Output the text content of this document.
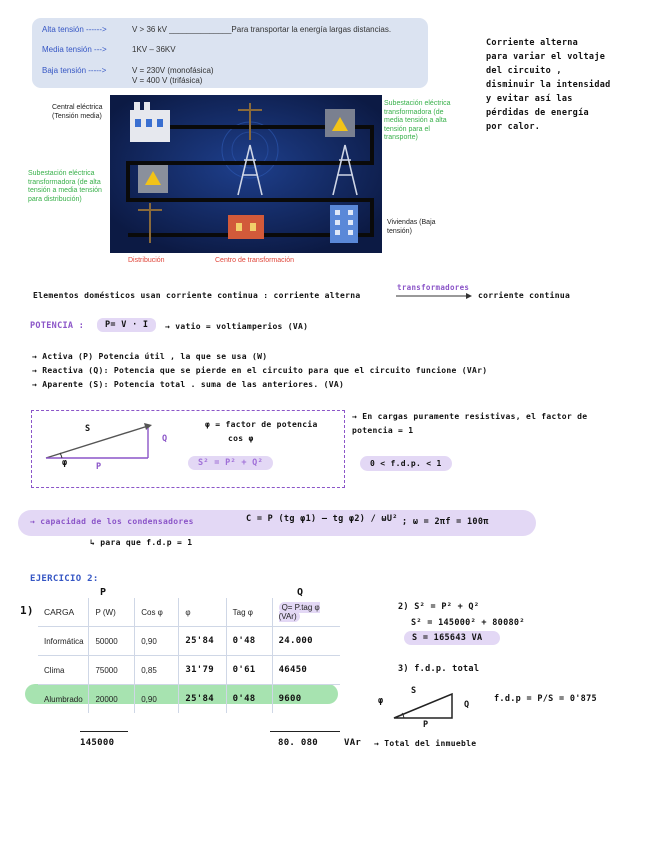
Alta tensión ------>	V > 36 kV ______________Para transportar la energía largas distancias.
Media tensión --->	1KV – 36KV
Baja tensión ----->	V = 230V (monofásica)
V = 400 V (trifásica)
Corriente alterna
para variar el voltaje
del circuito ,
disminuir la intensidad
y evitar así las
pérdidas de energía
por calor.
Central eléctrica (Tensión media)
Subestación eléctrica transformadora (de media tensión a alta tensión para el transporte)
Subestación eléctrica transformadora (de alta tensión a media tensión para distribución)
Viviendas (Baja tensión)
Distribución	Centro de transformación
Elementos domésticos usan corriente continua : corriente alterna
transformadores
corriente continua
POTENCIA :	P= V · I	→ vatio = voltiamperios (VA)
→ Activa (P) Potencia útil , la que se usa (W)
→ Reactiva (Q): Potencia que se pierde en el circuito para que el circuito funcione (VAr)
→ Aparente (S): Potencia total . suma de las anteriores. (VA)
S
Q
P
φ
φ = factor de potencia
cos φ
S² = P² + Q²
→ En cargas puramente resistivas, el factor de potencia = 1
0 < f.d.p. < 1
→ capacidad de los condensadores	C = P (tg φ1) – tg φ2) / ωU² ; ω = 2πf = 100π
↳ para que f.d.p = 1
EJERCICIO 2:
P	Q
1) CARGA	P (W)	Cos φ	φ	Tag φ	Q= P.tag φ (VAr)
Informática	50000	0,90	25'84	0'48	24.000
Clima	75000	0,85	31'79	0'61	46450
Alumbrado	20000	0,90	25'84	0'48	9600
145000	80. 080	VAr → Total del inmueble
2) S² = P² + Q²
S² = 145000² + 80080²
S = 165643 VA
3) f.d.p. total
S
Q
P
φ	f.d.p = P/S = 0'875
